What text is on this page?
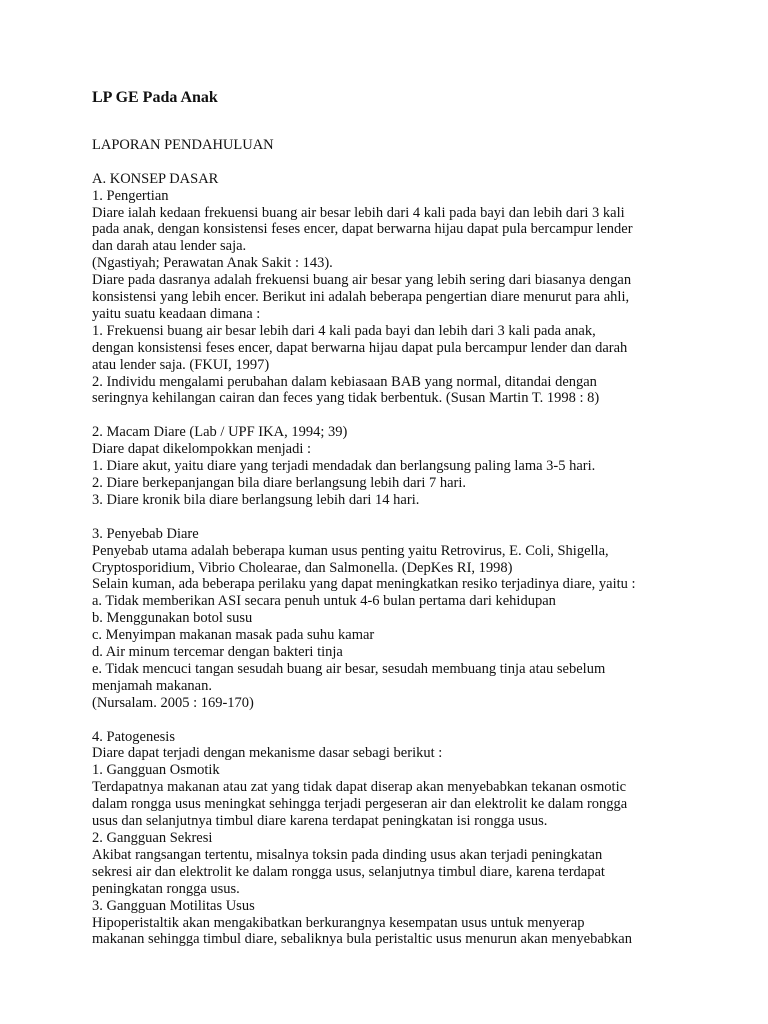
LP GE Pada Anak
LAPORAN PENDAHULUAN
A. KONSEP DASAR
1. Pengertian
Diare ialah kedaan frekuensi buang air besar lebih dari 4 kali pada bayi dan lebih dari 3 kali
pada anak, dengan konsistensi feses encer, dapat berwarna hijau dapat pula bercampur lender
dan darah atau lender saja.
(Ngastiyah; Perawatan Anak Sakit : 143).
Diare pada dasranya adalah frekuensi buang air besar yang lebih sering dari biasanya dengan
konsistensi yang lebih encer. Berikut ini adalah beberapa pengertian diare menurut para ahli,
yaitu suatu keadaan dimana :
1. Frekuensi buang air besar lebih dari 4 kali pada bayi dan lebih dari 3 kali pada anak,
dengan konsistensi feses encer, dapat berwarna hijau dapat pula bercampur lender dan darah
atau lender saja. (FKUI, 1997)
2. Individu mengalami perubahan dalam kebiasaan BAB yang normal, ditandai dengan
seringnya kehilangan cairan dan feces yang tidak berbentuk. (Susan Martin T. 1998 : 8)
2. Macam Diare (Lab / UPF IKA, 1994; 39)
Diare dapat dikelompokkan menjadi :
1. Diare akut, yaitu diare yang terjadi mendadak dan berlangsung paling lama 3-5 hari.
2. Diare berkepanjangan bila diare berlangsung lebih dari 7 hari.
3. Diare kronik bila diare berlangsung lebih dari 14 hari.
3. Penyebab Diare
Penyebab utama adalah beberapa kuman usus penting yaitu Retrovirus, E. Coli, Shigella,
Cryptosporidium, Vibrio Cholearae, dan Salmonella. (DepKes RI, 1998)
Selain kuman, ada beberapa perilaku yang dapat meningkatkan resiko terjadinya diare, yaitu :
a. Tidak memberikan ASI secara penuh untuk 4-6 bulan pertama dari kehidupan
b. Menggunakan botol susu
c. Menyimpan makanan masak pada suhu kamar
d. Air minum tercemar dengan bakteri tinja
e. Tidak mencuci tangan sesudah buang air besar, sesudah membuang tinja atau sebelum
menjamah makanan.
(Nursalam. 2005 : 169-170)
4. Patogenesis
Diare dapat terjadi dengan mekanisme dasar sebagi berikut :
1. Gangguan Osmotik
Terdapatnya makanan atau zat yang tidak dapat diserap akan menyebabkan tekanan osmotic
dalam rongga usus meningkat sehingga terjadi pergeseran air dan elektrolit ke dalam rongga
usus dan selanjutnya timbul diare karena terdapat peningkatan isi rongga usus.
2. Gangguan Sekresi
Akibat rangsangan tertentu, misalnya toksin pada dinding usus akan terjadi peningkatan
sekresi air dan elektrolit ke dalam rongga usus, selanjutnya timbul diare, karena terdapat
peningkatan rongga usus.
3. Gangguan Motilitas Usus
Hipoperistaltik akan mengakibatkan berkurangnya kesempatan usus untuk menyerap
makanan sehingga timbul diare, sebaliknya bula peristaltic usus menurun akan menyebabkan
